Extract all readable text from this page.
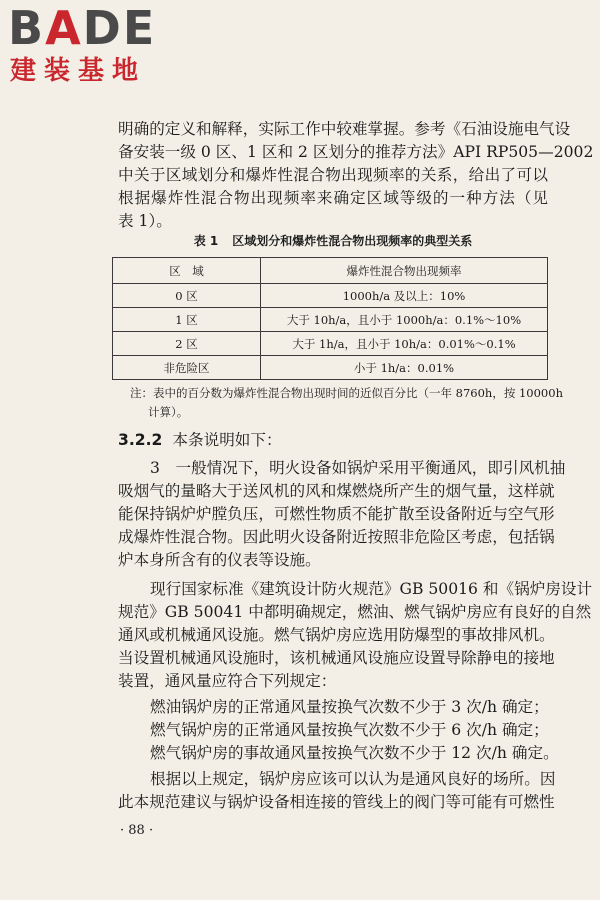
BADE
建装基地
明确的定义和解释，实际工作中较难掌握。参考《石油设施电气设
备安装一级 0 区、1 区和 2 区划分的推荐方法》API RP505—2002
中关于区域划分和爆炸性混合物出现频率的关系，给出了可以
根据爆炸性混合物出现频率来确定区域等级的一种方法（见
表 1）。
表 1 区域划分和爆炸性混合物出现频率的典型关系
区　域	爆炸性混合物出现频率
0 区	1000h/a 及以上：10%
1 区	大于 10h/a，且小于 1000h/a：0.1%～10%
2 区	大于 1h/a，且小于 10h/a：0.01%～0.1%
非危险区	小于 1h/a：0.01%
注：表中的百分数为爆炸性混合物出现时间的近似百分比（一年 8760h，按 10000h
计算）。
3.2.2 本条说明如下：
3　一般情况下，明火设备如锅炉采用平衡通风，即引风机抽
吸烟气的量略大于送风机的风和煤燃烧所产生的烟气量，这样就
能保持锅炉炉膛负压，可燃性物质不能扩散至设备附近与空气形
成爆炸性混合物。因此明火设备附近按照非危险区考虑，包括锅
炉本身所含有的仪表等设施。
现行国家标准《建筑设计防火规范》GB 50016 和《锅炉房设计
规范》GB 50041 中都明确规定，燃油、燃气锅炉房应有良好的自然
通风或机械通风设施。燃气锅炉房应选用防爆型的事故排风机。
当设置机械通风设施时，该机械通风设施应设置导除静电的接地
装置，通风量应符合下列规定：
燃油锅炉房的正常通风量按换气次数不少于 3 次/h 确定；
燃气锅炉房的正常通风量按换气次数不少于 6 次/h 确定；
燃气锅炉房的事故通风量按换气次数不少于 12 次/h 确定。
根据以上规定，锅炉房应该可以认为是通风良好的场所。因
此本规范建议与锅炉设备相连接的管线上的阀门等可能有可燃性
· 88 ·
